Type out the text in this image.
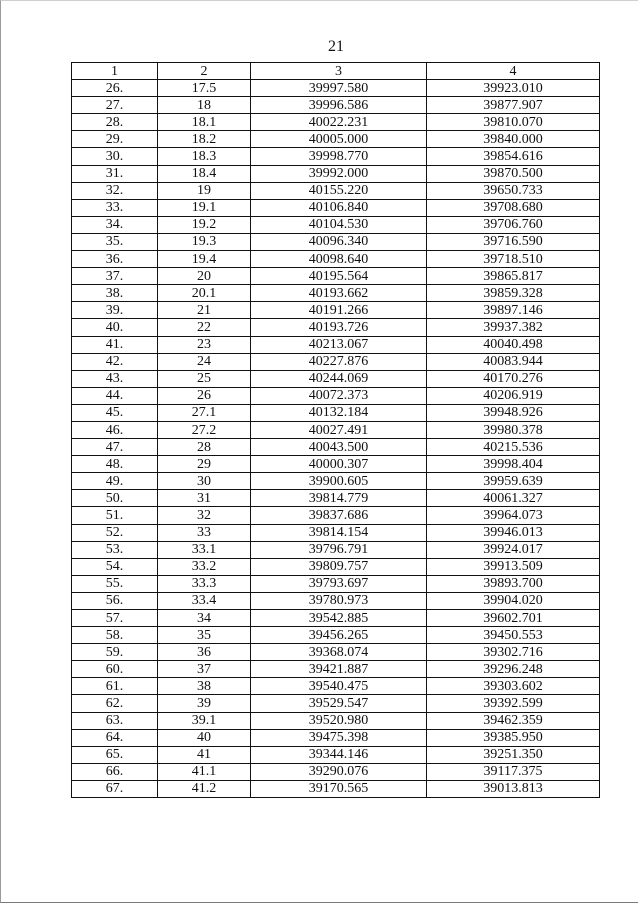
21
1	2	3	4
26.	17.5	39997.580	39923.010
27.	18	39996.586	39877.907
28.	18.1	40022.231	39810.070
29.	18.2	40005.000	39840.000
30.	18.3	39998.770	39854.616
31.	18.4	39992.000	39870.500
32.	19	40155.220	39650.733
33.	19.1	40106.840	39708.680
34.	19.2	40104.530	39706.760
35.	19.3	40096.340	39716.590
36.	19.4	40098.640	39718.510
37.	20	40195.564	39865.817
38.	20.1	40193.662	39859.328
39.	21	40191.266	39897.146
40.	22	40193.726	39937.382
41.	23	40213.067	40040.498
42.	24	40227.876	40083.944
43.	25	40244.069	40170.276
44.	26	40072.373	40206.919
45.	27.1	40132.184	39948.926
46.	27.2	40027.491	39980.378
47.	28	40043.500	40215.536
48.	29	40000.307	39998.404
49.	30	39900.605	39959.639
50.	31	39814.779	40061.327
51.	32	39837.686	39964.073
52.	33	39814.154	39946.013
53.	33.1	39796.791	39924.017
54.	33.2	39809.757	39913.509
55.	33.3	39793.697	39893.700
56.	33.4	39780.973	39904.020
57.	34	39542.885	39602.701
58.	35	39456.265	39450.553
59.	36	39368.074	39302.716
60.	37	39421.887	39296.248
61.	38	39540.475	39303.602
62.	39	39529.547	39392.599
63.	39.1	39520.980	39462.359
64.	40	39475.398	39385.950
65.	41	39344.146	39251.350
66.	41.1	39290.076	39117.375
67.	41.2	39170.565	39013.813
